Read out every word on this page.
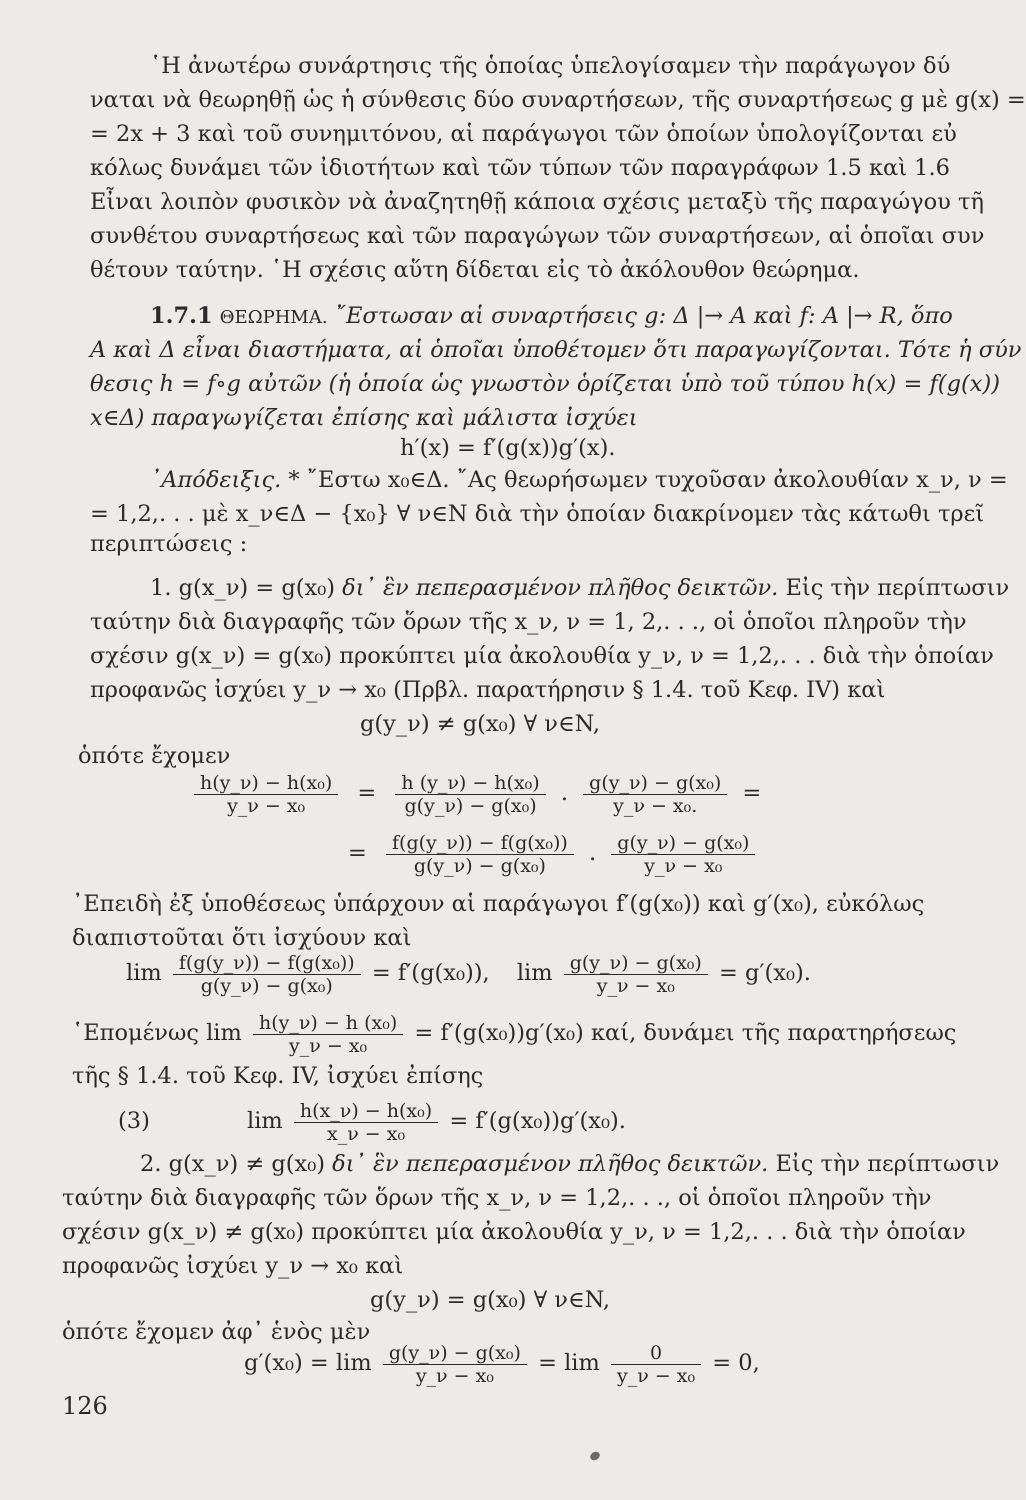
῾Η ἀνωτέρω συνάρτησις τῆς ὁποίας ὑπελογίσαμεν τὴν παράγωγον δύ
ναται νὰ θεωρηθῇ ὡς ἡ σύνθεσις δύο συναρτήσεων, τῆς συναρτήσεως g μὲ g(x) =
= 2x + 3 καὶ τοῦ συνημιτόνου, αἱ παράγωγοι τῶν ὁποίων ὑπολογίζονται εὐ
κόλως δυνάμει τῶν ἰδιοτήτων καὶ τῶν τύπων τῶν παραγράφων 1.5 καὶ 1.6
Εἶναι λοιπὸν φυσικὸν νὰ ἀναζητηθῇ κάποια σχέσις μεταξὺ τῆς παραγώγου τῆ
συνθέτου συναρτήσεως καὶ τῶν παραγώγων τῶν συναρτήσεων, αἱ ὁποῖαι συν
θέτουν ταύτην. ῾Η σχέσις αὕτη δίδεται εἰς τὸ ἀκόλουθον θεώρημα.
1.7.1 ΘΕΩΡΗΜΑ. ῎Εστωσαν αἱ συναρτήσεις g: Δ |→ A καὶ f: A |→ R, ὅπο
A καὶ Δ εἶναι διαστήματα, αἱ ὁποῖαι ὑποθέτομεν ὅτι παραγωγίζονται. Τότε ἡ σύν
θεσις h = f∘g αὐτῶν (ἡ ὁποία ὡς γνωστὸν ὁρίζεται ὑπὸ τοῦ τύπου h(x) = f(g(x))
x∈Δ) παραγωγίζεται ἐπίσης καὶ μάλιστα ἰσχύει
h′(x) = f′(g(x))g′(x).
᾿Απόδειξις. * ῎Εστω x₀∈Δ. ῎Ας θεωρήσωμεν τυχοῦσαν ἀκολουθίαν x_ν, ν =
= 1,2,. . . μὲ x_ν∈Δ − {x₀} ∀ ν∈N διὰ τὴν ὁποίαν διακρίνομεν τὰς κάτωθι τρεῖ
περιπτώσεις :
1. g(x_ν) = g(x₀) δι᾿ ἓν πεπερασμένον πλῆθος δεικτῶν. Εἰς τὴν περίπτωσιν
ταύτην διὰ διαγραφῆς τῶν ὅρων τῆς x_ν, ν = 1, 2,. . ., οἱ ὁποῖοι πληροῦν τὴν
σχέσιν g(x_ν) = g(x₀) προκύπτει μία ἀκολουθία y_ν, ν = 1,2,. . . διὰ τὴν ὁποίαν
προφανῶς ἰσχύει y_ν → x₀ (Πρβλ. παρατήρησιν § 1.4. τοῦ Κεφ. IV) καὶ
g(y_ν) ≠ g(x₀) ∀ ν∈N,
ὁπότε ἔχομεν
$\frac{\text{h(y\_ν) − h(x₀)}}{\text{y\_ν − x₀}} = \frac{\text{h (y\_ν) − h(x₀)}}{\text{g(y\_ν) − g(x₀)}}$ . $\frac{\text{g(y\_ν) − g(x₀)}}{\text{y\_ν − x₀.}}$ =
= $\frac{\text{f(g(y\_ν)) − f(g(x₀))}}{\text{g(y\_ν) − g(x₀)}}$ . $\frac{\text{g(y\_ν) − g(x₀)}}{\text{y\_ν − x₀}}$
᾿Επειδὴ ἐξ ὑποθέσεως ὑπάρχουν αἱ παράγωγοι f′(g(x₀)) καὶ g′(x₀), εὐκόλως
διαπιστοῦται ὅτι ἰσχύουν καὶ
$\lim \frac{\text{f(g(y\_ν)) − f(g(x₀))}}{\text{g(y\_ν) − g(x₀)}} = f'(g(x_0))$, $\lim \frac{\text{g(y\_ν) − g(x₀)}}{\text{y\_ν − x₀}} = g'(x_0)$.
῾Επομένως $\lim \frac{\text{h(y\_ν) − h (x₀)}}{\text{y\_ν − x₀}} = f'(g(x_0))g'(x_0)$ καί, δυνάμει τῆς παρατηρήσεως
τῆς § 1.4. τοῦ Κεφ. IV, ἰσχύει ἐπίσης
(3)	$\lim \frac{\text{h(x\_ν) − h(x₀)}}{\text{x\_ν − x₀}} = f'(g(x_0))g'(x_0)$.
2. g(x_ν) ≠ g(x₀) δι᾿ ἓν πεπερασμένον πλῆθος δεικτῶν. Εἰς τὴν περίπτωσιν
ταύτην διὰ διαγραφῆς τῶν ὅρων τῆς x_ν, ν = 1,2,. . ., οἱ ὁποῖοι πληροῦν τὴν
σχέσιν g(x_ν) ≠ g(x₀) προκύπτει μία ἀκολουθία y_ν, ν = 1,2,. . . διὰ τὴν ὁποίαν
προφανῶς ἰσχύει y_ν → x₀ καὶ
g(y_ν) = g(x₀) ∀ ν∈N,
ὁπότε ἔχομεν ἀφ᾿ ἑνὸς μὲν
$g'(x_0) = \lim \frac{\text{g(y\_ν) − g(x₀)}}{\text{y\_ν − x₀}} = \lim \frac{0}{\text{y\_ν − x₀}} = 0$,
126
